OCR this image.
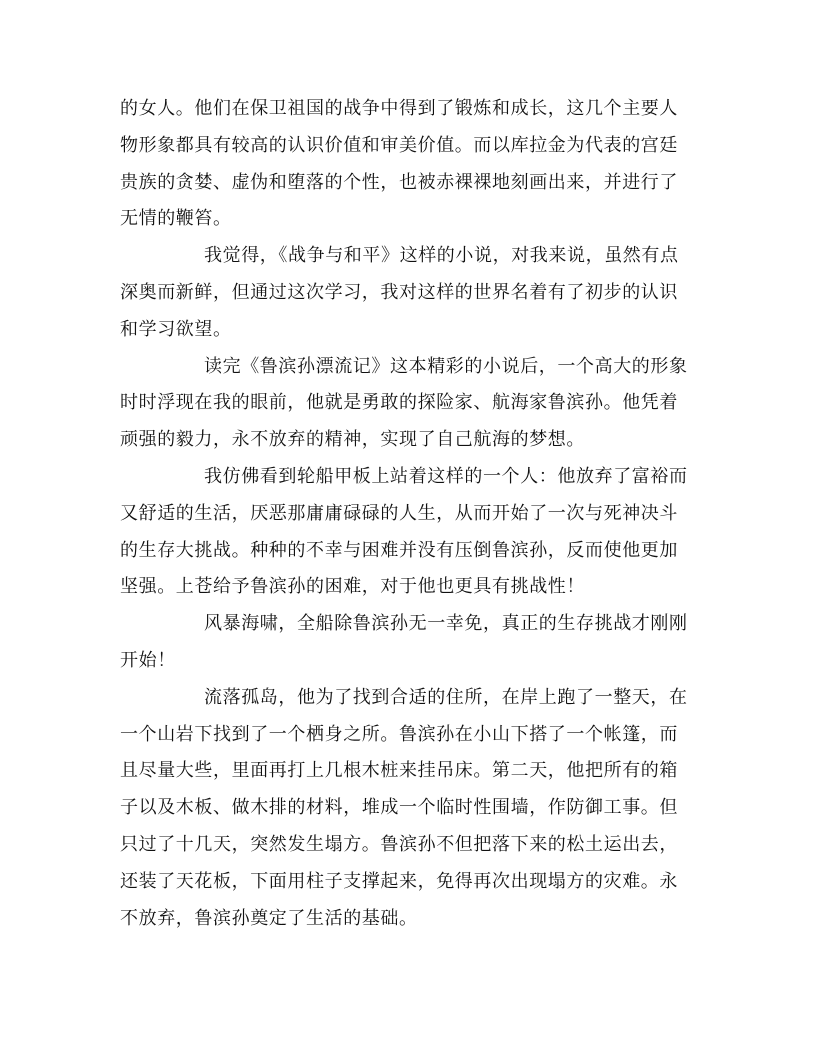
的女人。他们在保卫祖国的战争中得到了锻炼和成长，这几个主要人
物形象都具有较高的认识价值和审美价值。而以库拉金为代表的宫廷
贵族的贪婪、虚伪和堕落的个性，也被赤裸裸地刻画出来，并进行了
无情的鞭笞。
我觉得，《战争与和平》这样的小说，对我来说，虽然有点
深奥而新鲜，但通过这次学习，我对这样的世界名着有了初步的认识
和学习欲望。
读完《鲁滨孙漂流记》这本精彩的小说后，一个高大的形象
时时浮现在我的眼前，他就是勇敢的探险家、航海家鲁滨孙。他凭着
顽强的毅力，永不放弃的精神，实现了自己航海的梦想。
我仿佛看到轮船甲板上站着这样的一个人：他放弃了富裕而
又舒适的生活，厌恶那庸庸碌碌的人生，从而开始了一次与死神决斗
的生存大挑战。种种的不幸与困难并没有压倒鲁滨孙，反而使他更加
坚强。上苍给予鲁滨孙的困难，对于他也更具有挑战性！
风暴海啸，全船除鲁滨孙无一幸免，真正的生存挑战才刚刚
开始！
流落孤岛，他为了找到合适的住所，在岸上跑了一整天，在
一个山岩下找到了一个栖身之所。鲁滨孙在小山下搭了一个帐篷，而
且尽量大些，里面再打上几根木桩来挂吊床。第二天，他把所有的箱
子以及木板、做木排的材料，堆成一个临时性围墙，作防御工事。但
只过了十几天，突然发生塌方。鲁滨孙不但把落下来的松土运出去，
还装了天花板，下面用柱子支撑起来，免得再次出现塌方的灾难。永
不放弃，鲁滨孙奠定了生活的基础。
